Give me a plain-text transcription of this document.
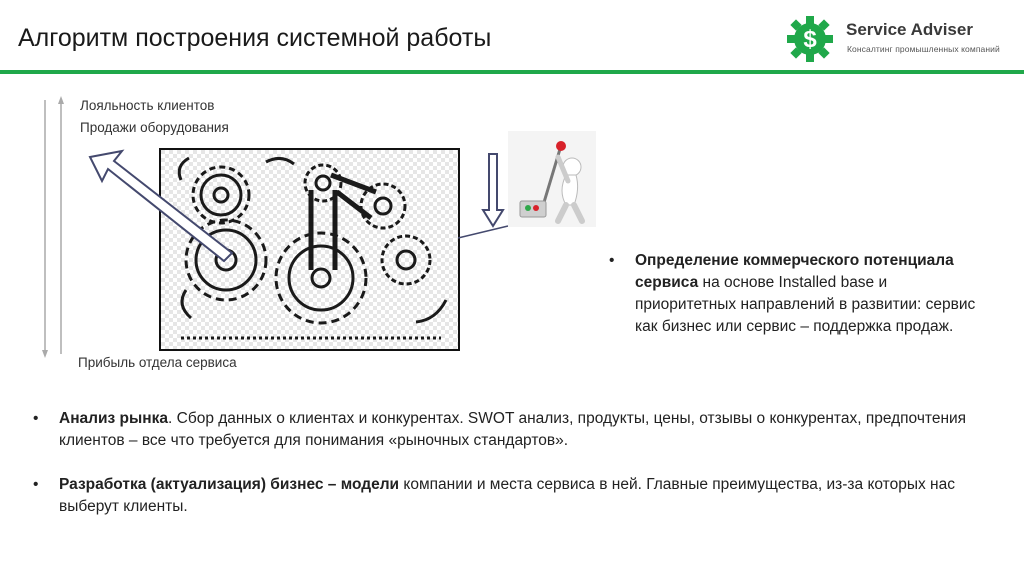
Алгоритм построения системной работы	$ Service Adviser
Консалтинг промышленных компаний
Лояльность клиентов
Продажи оборудования
Прибыль отдела сервиса
• Определение коммерческого потенциала сервиса на основе Installed base и приоритетных направлений в развитии: сервис как бизнес или сервис – поддержка продаж.
• Анализ рынка. Сбор данных о клиентах и конкурентах. SWOT анализ, продукты, цены, отзывы о конкурентах, предпочтения клиентов – все что требуется для понимания «рыночных стандартов».
• Разработка (актуализация) бизнес – модели компании и места сервиса в ней. Главные преимущества, из-за которых нас выберут клиенты.
